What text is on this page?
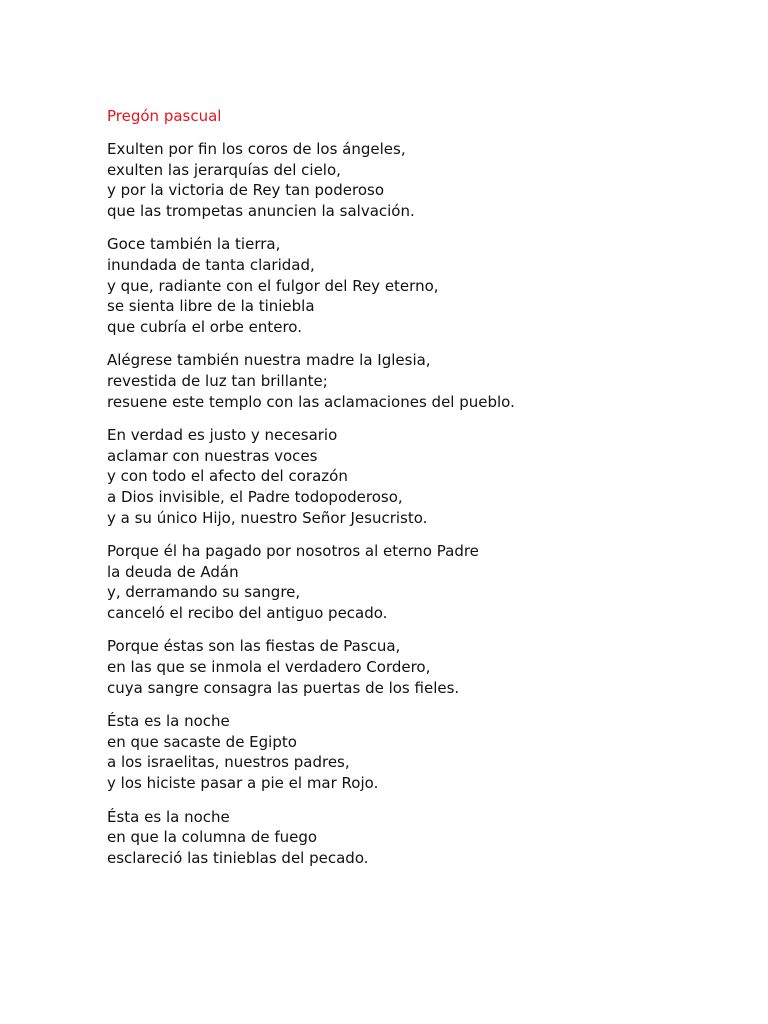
Pregón pascual
Exulten por fin los coros de los ángeles,
exulten las jerarquías del cielo,
y por la victoria de Rey tan poderoso
que las trompetas anuncien la salvación.
Goce también la tierra,
inundada de tanta claridad,
y que, radiante con el fulgor del Rey eterno,
se sienta libre de la tiniebla
que cubría el orbe entero.
Alégrese también nuestra madre la Iglesia,
revestida de luz tan brillante;
resuene este templo con las aclamaciones del pueblo.
En verdad es justo y necesario
aclamar con nuestras voces
y con todo el afecto del corazón
a Dios invisible, el Padre todopoderoso,
y a su único Hijo, nuestro Señor Jesucristo.
Porque él ha pagado por nosotros al eterno Padre
la deuda de Adán
y, derramando su sangre,
canceló el recibo del antiguo pecado.
Porque éstas son las fiestas de Pascua,
en las que se inmola el verdadero Cordero,
cuya sangre consagra las puertas de los fieles.
Ésta es la noche
en que sacaste de Egipto
a los israelitas, nuestros padres,
y los hiciste pasar a pie el mar Rojo.
Ésta es la noche
en que la columna de fuego
esclareció las tinieblas del pecado.
